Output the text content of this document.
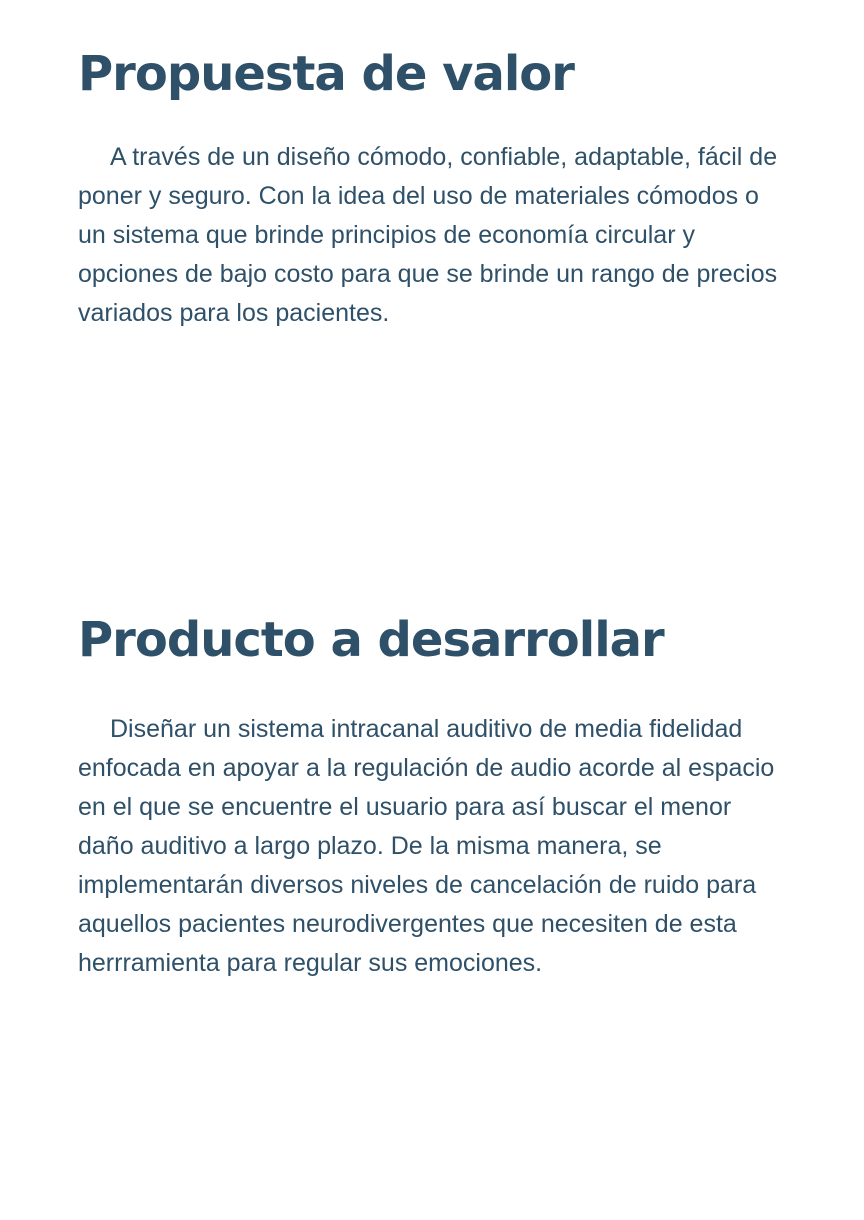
Propuesta de valor

A través de un diseño cómodo, confiable, adaptable, fácil de poner y seguro. Con la idea del uso de materiales cómodos o un sistema que brinde principios de economía circular y opciones de bajo costo para que se brinde un rango de precios variados para los pacientes.

Producto a desarrollar

Diseñar un sistema intracanal auditivo de media fidelidad enfocada en apoyar a la regulación de audio acorde al espacio en el que se encuentre el usuario para así buscar el menor daño auditivo a largo plazo. De la misma manera, se implementarán diversos niveles de cancelación de ruido para aquellos pacientes neurodivergentes que necesiten de esta herrramienta para regular sus emociones.
